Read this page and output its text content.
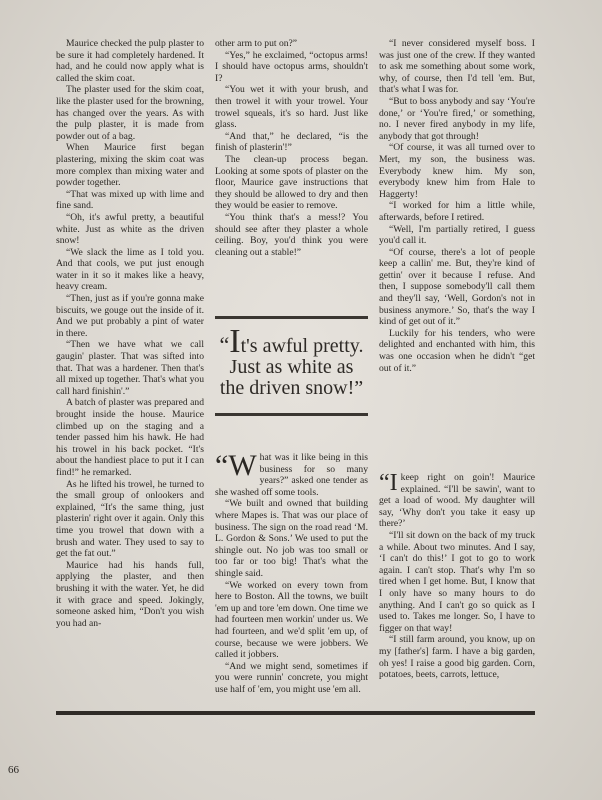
Maurice checked the pulp plaster to be sure it had completely hardened. It had, and he could now apply what is called the skim coat.

The plaster used for the skim coat, like the plaster used for the browning, has changed over the years. As with the pulp plaster, it is made from powder out of a bag.

When Maurice first began plastering, mixing the skim coat was more complex than mixing water and powder together.

“That was mixed up with lime and fine sand.

“Oh, it's awful pretty, a beautiful white. Just as white as the driven snow!

“We slack the lime as I told you. And that cools, we put just enough water in it so it makes like a heavy, heavy cream.

“Then, just as if you're gonna make biscuits, we gouge out the inside of it. And we put probably a pint of water in there.

“Then we have what we call gaugin' plaster. That was sifted into that. That was a hardener. Then that's all mixed up together. That's what you call hard finishin'.”

A batch of plaster was prepared and brought inside the house. Maurice climbed up on the staging and a tender passed him his hawk. He had his trowel in his back pocket. “It's about the handiest place to put it I can find!” he remarked.

As he lifted his trowel, he turned to the small group of onlookers and explained, “It's the same thing, just plasterin' right over it again. Only this time you trowel that down with a brush and water. They used to say to get the fat out.”

Maurice had his hands full, applying the plaster, and then brushing it with the water. Yet, he did it with grace and speed. Jokingly, someone asked him, “Don't you wish you had an-

other arm to put on?”

“Yes,” he exclaimed, “octopus arms! I should have octopus arms, shouldn't I?

“You wet it with your brush, and then trowel it with your trowel. Your trowel squeals, it's so hard. Just like glass.

“And that,” he declared, “is the finish of plasterin'!”

The clean-up process began. Looking at some spots of plaster on the floor, Maurice gave instructions that they should be allowed to dry and then they would be easier to remove.

“You think that's a mess!? You should see after they plaster a whole ceiling. Boy, you'd think you were cleaning out a stable!”

“It's awful pretty. Just as white as the driven snow!”

“W hat was it like being in this business for so many years?” asked one tender as she washed off some tools.

“We built and owned that building where Mapes is. That was our place of business. The sign on the road read ‘M. L. Gordon & Sons.’ We used to put the shingle out. No job was too small or too far or too big! That's what the shingle said.

“We worked on every town from here to Boston. All the towns, we built 'em up and tore 'em down. One time we had fourteen men workin' under us. We had fourteen, and we'd split 'em up, of course, because we were jobbers. We called it jobbers.

“And we might send, sometimes if you were runnin' concrete, you might use half of 'em, you might use 'em all.

“I never considered myself boss. I was just one of the crew. If they wanted to ask me something about some work, why, of course, then I'd tell 'em. But, that's what I was for.

“But to boss anybody and say ‘You're done,’ or ‘You're fired,’ or something, no. I never fired anybody in my life, anybody that got through!

“Of course, it was all turned over to Mert, my son, the business was. Everybody knew him. My son, everybody knew him from Hale to Haggerty!

“I worked for him a little while, afterwards, before I retired.

“Well, I'm partially retired, I guess you'd call it.

“Of course, there's a lot of people keep a callin' me. But, they're kind of gettin' over it because I refuse. And then, I suppose somebody'll call them and they'll say, ‘Well, Gordon's not in business anymore.’ So, that's the way I kind of get out of it.”

Luckily for his tenders, who were delighted and enchanted with him, this was one occasion when he didn't “get out of it.”

“I keep right on goin'! Maurice explained. “I'll be sawin', want to get a load of wood. My daughter will say, ‘Why don't you take it easy up there?’

“I'll sit down on the back of my truck a while. About two minutes. And I say, ‘I can't do this!’ I got to go to work again. I can't stop. That's why I'm so tired when I get home. But, I know that I only have so many hours to do anything. And I can't go so quick as I used to. Takes me longer. So, I have to figger on that way!

“I still farm around, you know, up on my [father's] farm. I have a big garden, oh yes! I raise a good big garden. Corn, potatoes, beets, carrots, lettuce,

66
